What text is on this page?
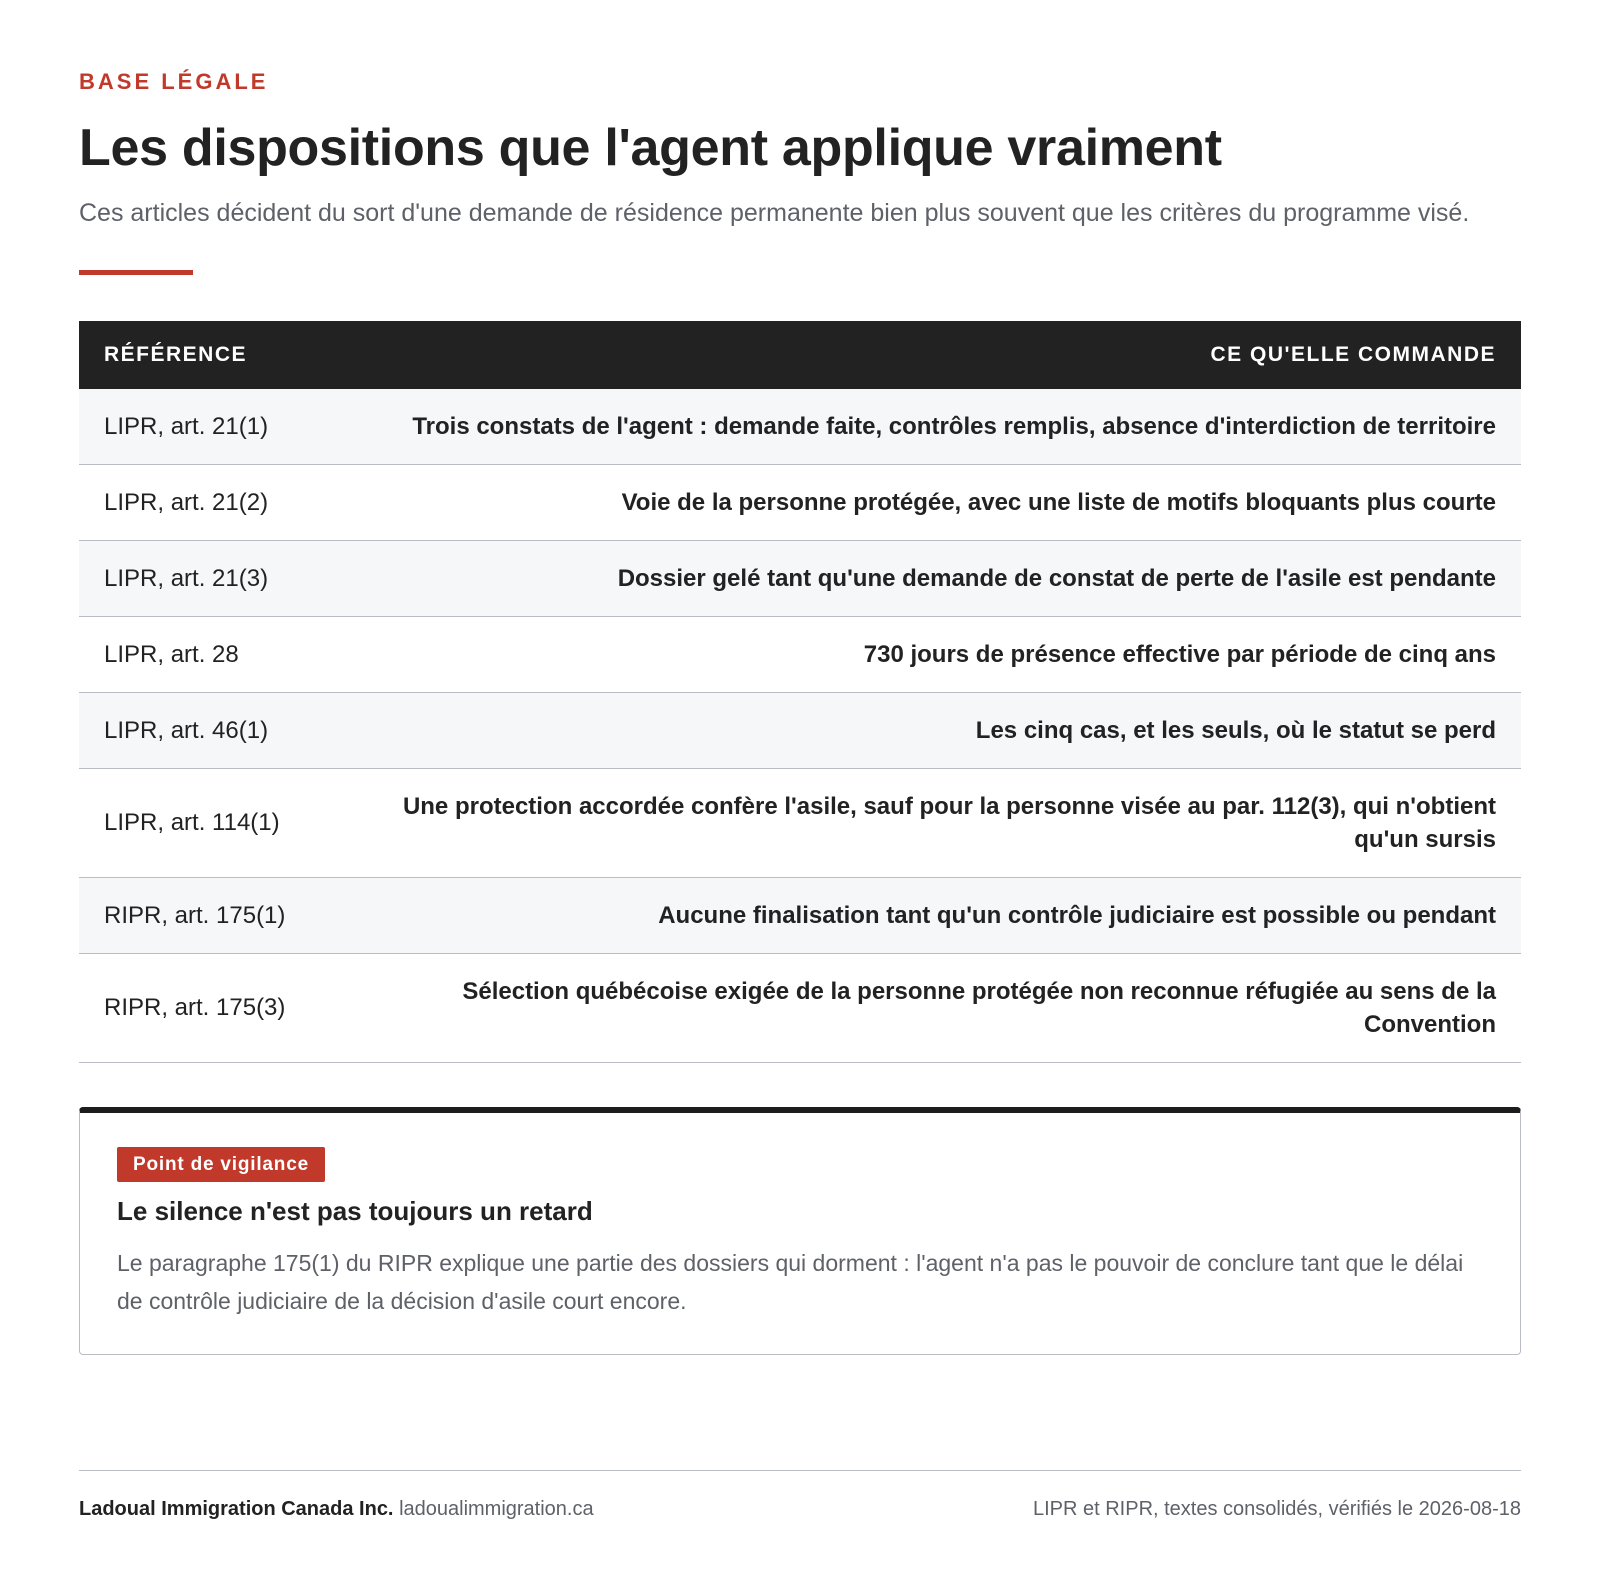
BASE LÉGALE
Les dispositions que l'agent applique vraiment

Ces articles décident du sort d'une demande de résidence permanente bien plus souvent que les critères du programme visé.

RÉFÉRENCE	CE QU'ELLE COMMANDE
LIPR, art. 21(1)	Trois constats de l'agent : demande faite, contrôles remplis, absence d'interdiction de territoire
LIPR, art. 21(2)	Voie de la personne protégée, avec une liste de motifs bloquants plus courte
LIPR, art. 21(3)	Dossier gelé tant qu'une demande de constat de perte de l'asile est pendante
LIPR, art. 28	730 jours de présence effective par période de cinq ans
LIPR, art. 46(1)	Les cinq cas, et les seuls, où le statut se perd
LIPR, art. 114(1)	Une protection accordée confère l'asile, sauf pour la personne visée au par. 112(3), qui n'obtient qu'un sursis
RIPR, art. 175(1)	Aucune finalisation tant qu'un contrôle judiciaire est possible ou pendant
RIPR, art. 175(3)	Sélection québécoise exigée de la personne protégée non reconnue réfugiée au sens de la Convention
Point de vigilance
Le silence n'est pas toujours un retard

Le paragraphe 175(1) du RIPR explique une partie des dossiers qui dorment : l'agent n'a pas le pouvoir de conclure tant que le délai de contrôle judiciaire de la décision d'asile court encore.

Ladoual Immigration Canada Inc. ladoualimmigration.ca	LIPR et RIPR, textes consolidés, vérifiés le 2026-08-18
